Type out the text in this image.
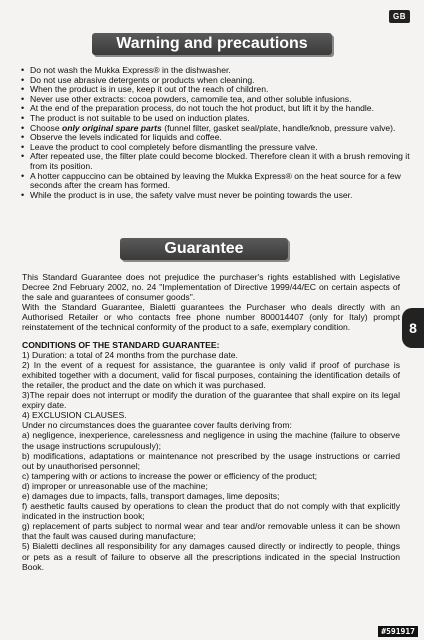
GB
Warning and precautions
• Do not wash the Mukka Express® in the dishwasher.
• Do not use abrasive detergents or products when cleaning.
• When the product is in use, keep it out of the reach of children.
• Never use other extracts: cocoa powders, camomile tea, and other soluble infusions.
• At the end of the preparation process, do not touch the hot product, but lift it by the handle.
• The product is not suitable to be used on induction plates.
• Choose only original spare parts (funnel filter, gasket seal/plate, handle/knob, pressure valve).
• Observe the levels indicated for liquids and coffee.
• Leave the product to cool completely before dismantling the pressure valve.
• After repeated use, the filter plate could become blocked. Therefore clean it with a brush removing it from its position.
• A hotter cappuccino can be obtained by leaving the Mukka Express® on the heat source for a few seconds after the cream has formed.
• While the product is in use, the safety valve must never be pointing towards the user.
Guarantee

This Standard Guarantee does not prejudice the purchaser's rights established with Legislative Decree 2nd February 2002, no. 24 "Implementation of Directive 1999/44/EC on certain aspects of the sale and guarantees of consumer goods".

With the Standard Guarantee, Bialetti guarantees the Purchaser who deals directly with an Authorised Retailer or who contacts free phone number 800014407 (only for Italy) prompt reinstatement of the technical conformity of the product to a safe, exemplary condition.

CONDITIONS OF THE STANDARD GUARANTEE:

1) Duration: a total of 24 months from the purchase date.

2) In the event of a request for assistance, the guarantee is only valid if proof of purchase is exhibited together with a document, valid for fiscal purposes, containing the identification details of the retailer, the product and the date on which it was purchased.

3)The repair does not interrupt or modify the duration of the guarantee that shall expire on its legal expiry date.

4) EXCLUSION CLAUSES.

Under no circumstances does the guarantee cover faults deriving from:

a) negligence, inexperience, carelessness and negligence in using the machine (failure to observe the usage instructions scrupulously);

b) modifications, adaptations or maintenance not prescribed by the usage instructions or carried out by unauthorised personnel;

c) tampering with or actions to increase the power or efficiency of the product;

d) improper or unreasonable use of the machine;

e) damages due to impacts, falls, transport damages, lime deposits;

f) aesthetic faults caused by operations to clean the product that do not comply with that explicitly indicated in the instruction book;

g) replacement of parts subject to normal wear and tear and/or removable unless it can be shown that the fault was caused during manufacture;

5) Bialetti declines all responsibility for any damages caused directly or indirectly to people, things or pets as a result of failure to observe all the prescriptions indicated in the special Instruction Book.

8
#591917
